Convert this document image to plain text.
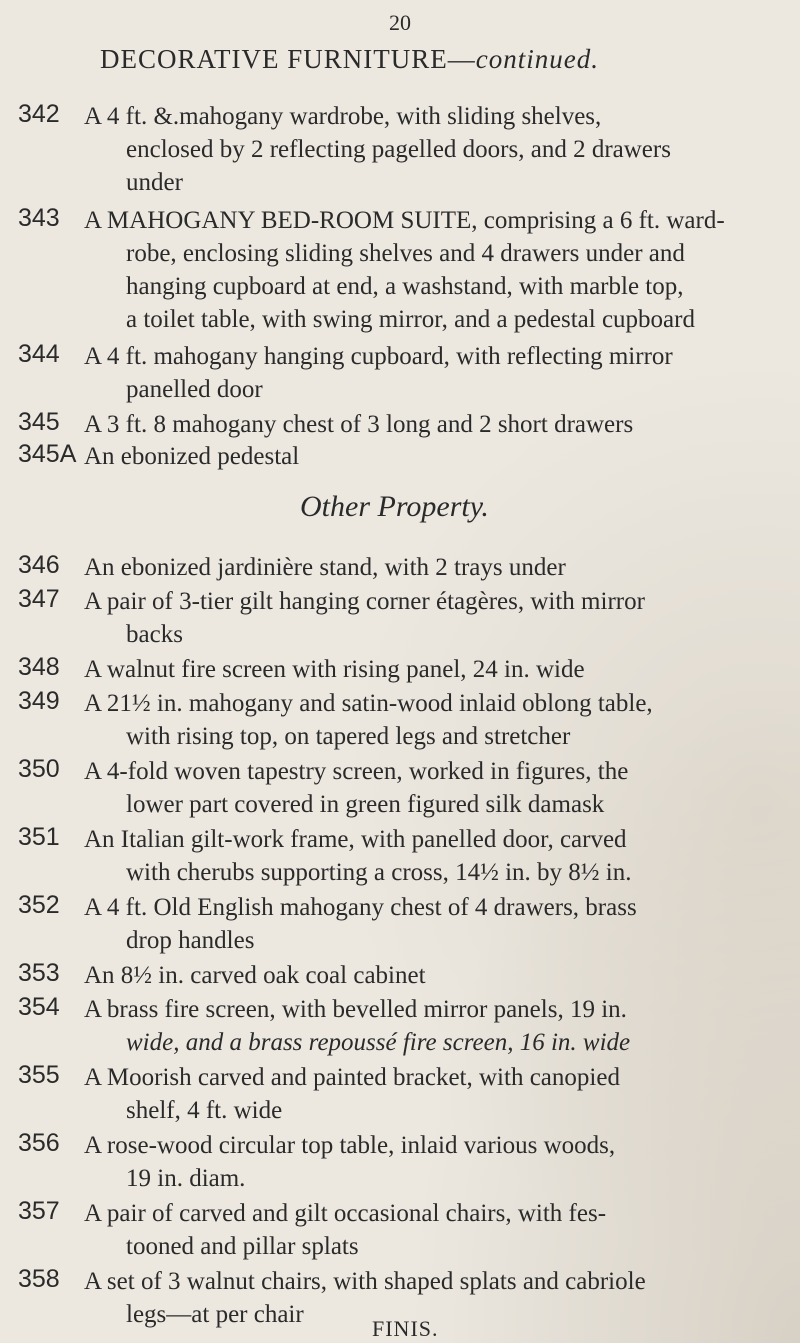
20
DECORATIVE FURNITURE—continued.
342 A 4 ft. &.mahogany wardrobe, with sliding shelves,
enclosed by 2 reflecting pagelled doors, and 2 drawers
under
343 A MAHOGANY BED-ROOM SUITE, comprising a 6 ft. ward-
robe, enclosing sliding shelves and 4 drawers under and
hanging cupboard at end, a washstand, with marble top,
a toilet table, with swing mirror, and a pedestal cupboard
344 A 4 ft. mahogany hanging cupboard, with reflecting mirror
panelled door
345 A 3 ft. 8 mahogany chest of 3 long and 2 short drawers
345A An ebonized pedestal
Other Property.
346 An ebonized jardinière stand, with 2 trays under
347 A pair of 3-tier gilt hanging corner étagères, with mirror
backs
348 A walnut fire screen with rising panel, 24 in. wide
349 A 21½ in. mahogany and satin-wood inlaid oblong table,
with rising top, on tapered legs and stretcher
350 A 4-fold woven tapestry screen, worked in figures, the
lower part covered in green figured silk damask
351 An Italian gilt-work frame, with panelled door, carved
with cherubs supporting a cross, 14½ in. by 8½ in.
352 A 4 ft. Old English mahogany chest of 4 drawers, brass
drop handles
353 An 8½ in. carved oak coal cabinet
354 A brass fire screen, with bevelled mirror panels, 19 in.
wide, and a brass repoussé fire screen, 16 in. wide
355 A Moorish carved and painted bracket, with canopied
shelf, 4 ft. wide
356 A rose-wood circular top table, inlaid various woods,
19 in. diam.
357 A pair of carved and gilt occasional chairs, with fes-
tooned and pillar splats
358 A set of 3 walnut chairs, with shaped splats and cabriole
legs—at per chair
FINIS.
